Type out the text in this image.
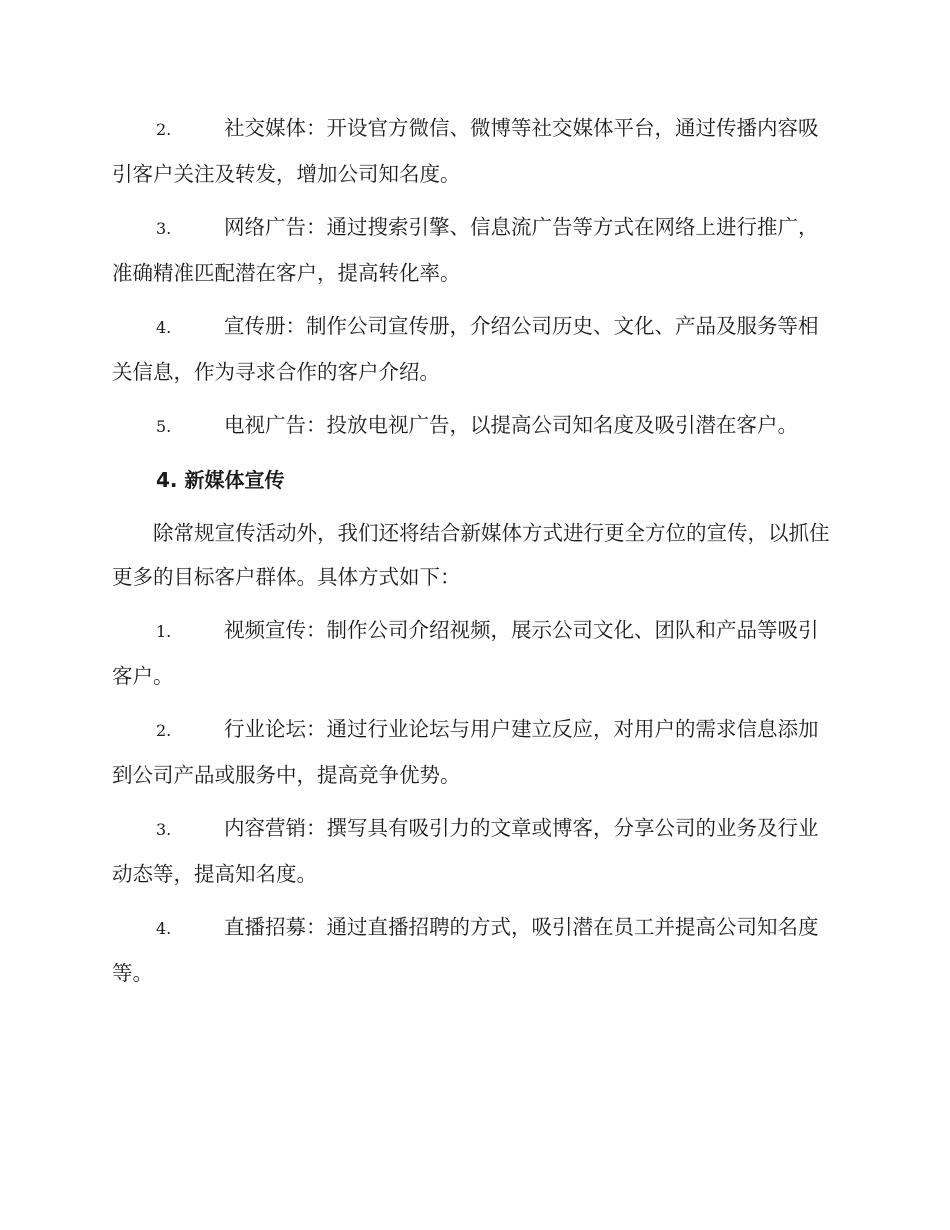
2.	社交媒体：开设官方微信、微博等社交媒体平台，通过传播内容吸引客户关注及转发，增加公司知名度。

3.	网络广告：通过搜索引擎、信息流广告等方式在网络上进行推广，准确精准匹配潜在客户，提高转化率。

4.	宣传册：制作公司宣传册，介绍公司历史、文化、产品及服务等相关信息，作为寻求合作的客户介绍。

5.	电视广告：投放电视广告，以提高公司知名度及吸引潜在客户。

4. 新媒体宣传

除常规宣传活动外，我们还将结合新媒体方式进行更全方位的宣传，以抓住更多的目标客户群体。具体方式如下：

1.	视频宣传：制作公司介绍视频，展示公司文化、团队和产品等吸引客户。

2.	行业论坛：通过行业论坛与用户建立反应，对用户的需求信息添加到公司产品或服务中，提高竞争优势。

3.	内容营销：撰写具有吸引力的文章或博客，分享公司的业务及行业动态等，提高知名度。

4.	直播招募：通过直播招聘的方式，吸引潜在员工并提高公司知名度等。
